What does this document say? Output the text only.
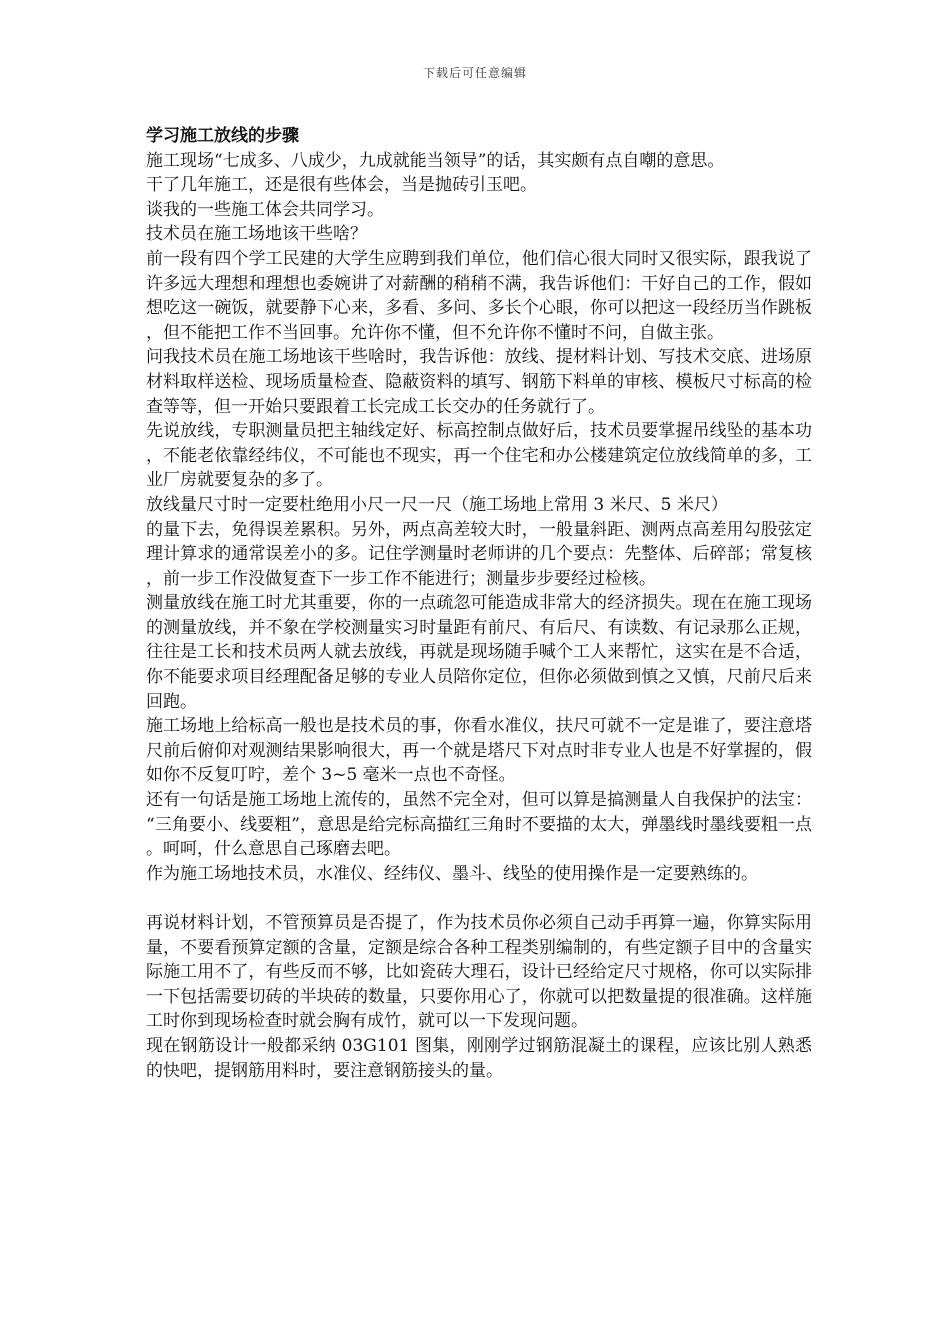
下载后可任意编辑

学习施工放线的步骤

施工现场“七成多、八成少，九成就能当领导”的话，其实颇有点自嘲的意思。

干了几年施工，还是很有些体会，当是抛砖引玉吧。

谈我的一些施工体会共同学习。

技术员在施工场地该干些啥？

前一段有四个学工民建的大学生应聘到我们单位，他们信心很大同时又很实际，跟我说了许多远大理想和理想也委婉讲了对薪酬的稍稍不满，我告诉他们：干好自己的工作，假如想吃这一碗饭，就要静下心来，多看、多问、多长个心眼，你可以把这一段经历当作跳板，但不能把工作不当回事。允许你不懂，但不允许你不懂时不问，自做主张。

问我技术员在施工场地该干些啥时，我告诉他：放线、提材料计划、写技术交底、进场原材料取样送检、现场质量检查、隐蔽资料的填写、钢筋下料单的审核、模板尺寸标高的检查等等，但一开始只要跟着工长完成工长交办的任务就行了。

先说放线，专职测量员把主轴线定好、标高控制点做好后，技术员要掌握吊线坠的基本功，不能老依靠经纬仪，不可能也不现实，再一个住宅和办公楼建筑定位放线简单的多，工业厂房就要复杂的多了。

放线量尺寸时一定要杜绝用小尺一尺一尺（施工场地上常用 3 米尺、5 米尺）

的量下去，免得误差累积。另外，两点高差较大时，一般量斜距、测两点高差用勾股弦定理计算求的通常误差小的多。记住学测量时老师讲的几个要点：先整体、后碎部；常复核，前一步工作没做复查下一步工作不能进行；测量步步要经过检核。

测量放线在施工时尤其重要，你的一点疏忽可能造成非常大的经济损失。现在在施工现场的测量放线，并不象在学校测量实习时量距有前尺、有后尺、有读数、有记录那么正规，往往是工长和技术员两人就去放线，再就是现场随手喊个工人来帮忙，这实在是不合适，你不能要求项目经理配备足够的专业人员陪你定位，但你必须做到慎之又慎，尺前尺后来回跑。

施工场地上给标高一般也是技术员的事，你看水准仪，扶尺可就不一定是谁了，要注意塔尺前后俯仰对观测结果影响很大，再一个就是塔尺下对点时非专业人也是不好掌握的，假如你不反复叮咛，差个 3~5 毫米一点也不奇怪。

还有一句话是施工场地上流传的，虽然不完全对，但可以算是搞测量人自我保护的法宝：“三角要小、线要粗”，意思是给完标高描红三角时不要描的太大，弹墨线时墨线要粗一点。呵呵，什么意思自己琢磨去吧。

作为施工场地技术员，水准仪、经纬仪、墨斗、线坠的使用操作是一定要熟练的。

再说材料计划，不管预算员是否提了，作为技术员你必须自己动手再算一遍，你算实际用量，不要看预算定额的含量，定额是综合各种工程类别编制的，有些定额子目中的含量实际施工用不了，有些反而不够，比如瓷砖大理石，设计已经给定尺寸规格，你可以实际排一下包括需要切砖的半块砖的数量，只要你用心了，你就可以把数量提的很准确。这样施工时你到现场检查时就会胸有成竹，就可以一下发现问题。

现在钢筋设计一般都采纳 03G101 图集，刚刚学过钢筋混凝土的课程，应该比别人熟悉的快吧，提钢筋用料时，要注意钢筋接头的量。
